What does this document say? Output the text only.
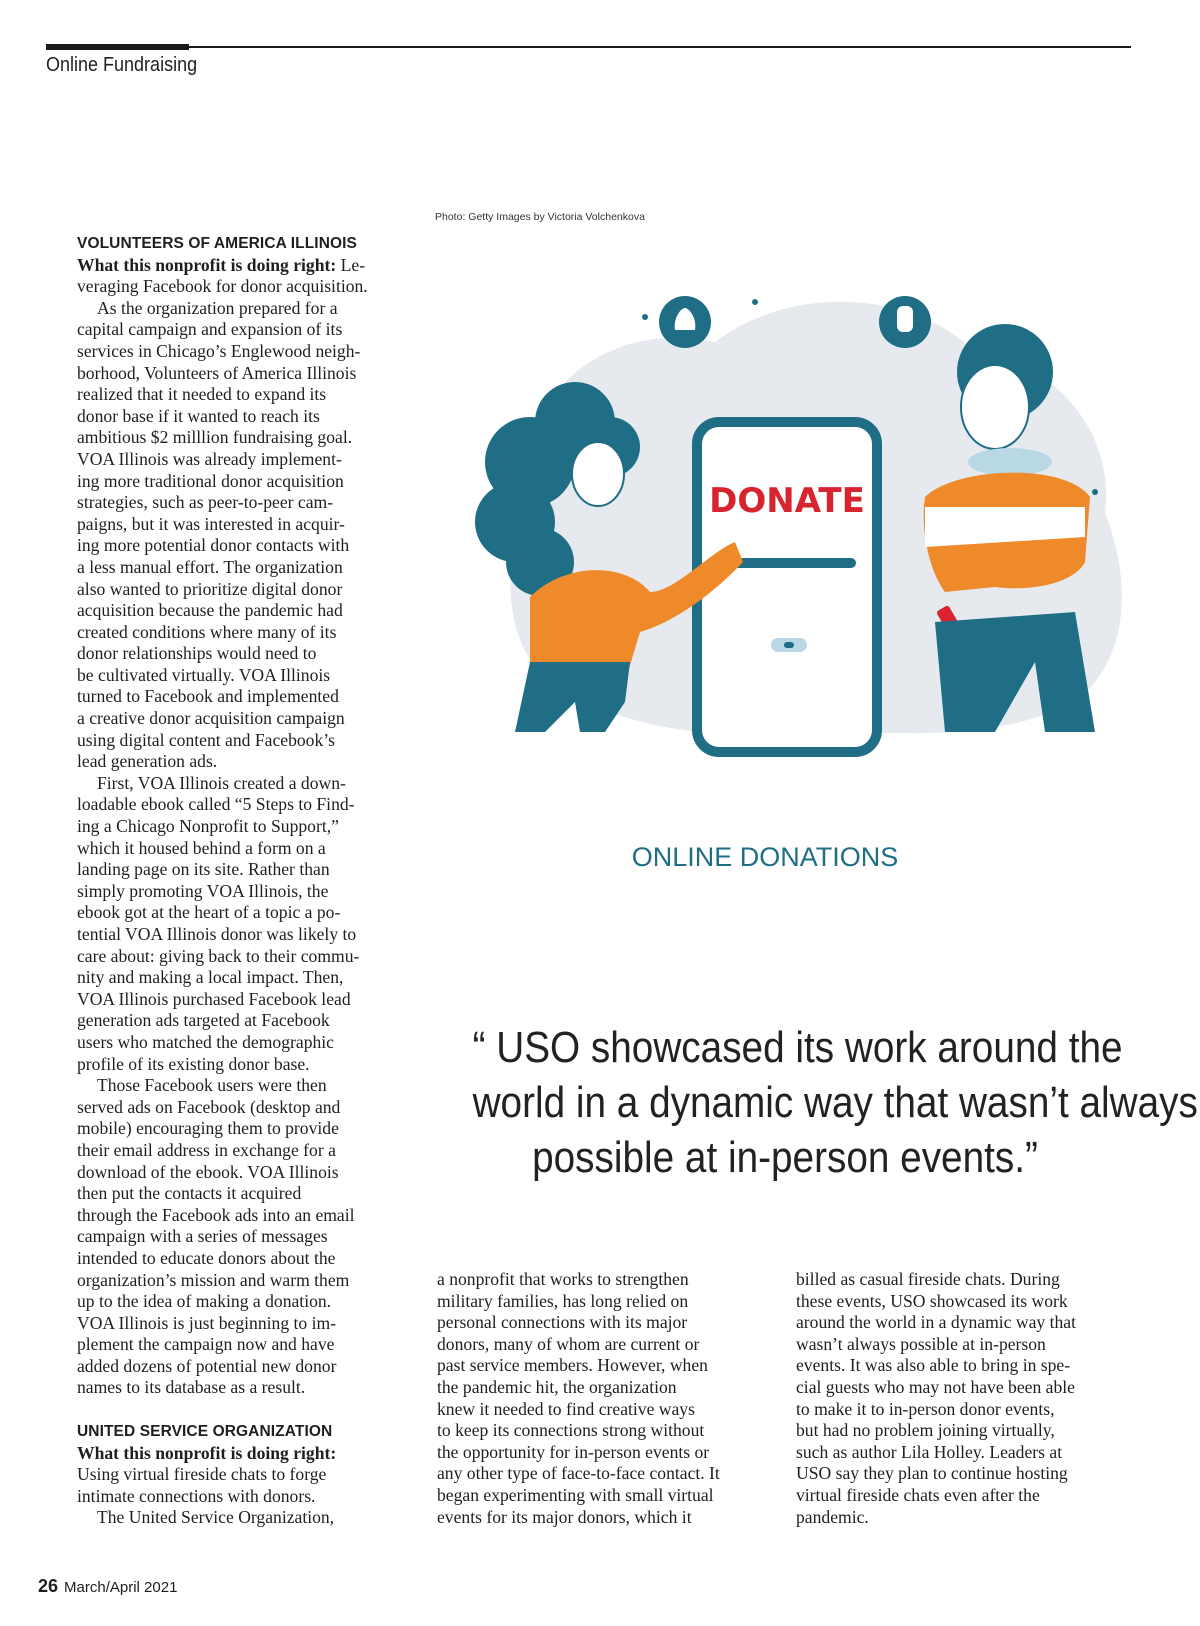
Online Fundraising
Photo: Getty Images by Victoria Volchenkova
DONATE
ONLINE DONATIONS

“ USO showcased its work around the

world in a dynamic way that wasn’t always

possible at in-person events.”

VOLUNTEERS OF AMERICA ILLINOIS

What this nonprofit is doing right: Le-

veraging Facebook for donor acquisition.

As the organization prepared for a

capital campaign and expansion of its

services in Chicago’s Englewood neigh-

borhood, Volunteers of America Illinois

realized that it needed to expand its

donor base if it wanted to reach its

ambitious $2 milllion fundraising goal.

VOA Illinois was already implement-

ing more traditional donor acquisition

strategies, such as peer-to-peer cam-

paigns, but it was interested in acquir-

ing more potential donor contacts with

a less manual effort. The organization

also wanted to prioritize digital donor

acquisition because the pandemic had

created conditions where many of its

donor relationships would need to

be cultivated virtually. VOA Illinois

turned to Facebook and implemented

a creative donor acquisition campaign

using digital content and Facebook’s

lead generation ads.

First, VOA Illinois created a down-

loadable ebook called “5 Steps to Find-

ing a Chicago Nonprofit to Support,”

which it housed behind a form on a

landing page on its site. Rather than

simply promoting VOA Illinois, the

ebook got at the heart of a topic a po-

tential VOA Illinois donor was likely to

care about: giving back to their commu-

nity and making a local impact. Then,

VOA Illinois purchased Facebook lead

generation ads targeted at Facebook

users who matched the demographic

profile of its existing donor base.

Those Facebook users were then

served ads on Facebook (desktop and

mobile) encouraging them to provide

their email address in exchange for a

download of the ebook. VOA Illinois

then put the contacts it acquired

through the Facebook ads into an email

campaign with a series of messages

intended to educate donors about the

organization’s mission and warm them

up to the idea of making a donation.

VOA Illinois is just beginning to im-

plement the campaign now and have

added dozens of potential new donor

names to its database as a result.

UNITED SERVICE ORGANIZATION

What this nonprofit is doing right:

Using virtual fireside chats to forge

intimate connections with donors.

The United Service Organization,

a nonprofit that works to strengthen

military families, has long relied on

personal connections with its major

donors, many of whom are current or

past service members. However, when

the pandemic hit, the organization

knew it needed to find creative ways

to keep its connections strong without

the opportunity for in-person events or

any other type of face-to-face contact. It

began experimenting with small virtual

events for its major donors, which it

billed as casual fireside chats. During

these events, USO showcased its work

around the world in a dynamic way that

wasn’t always possible at in-person

events. It was also able to bring in spe-

cial guests who may not have been able

to make it to in-person donor events,

but had no problem joining virtually,

such as author Lila Holley. Leaders at

USO say they plan to continue hosting

virtual fireside chats even after the

pandemic.

26 March/April 2021
